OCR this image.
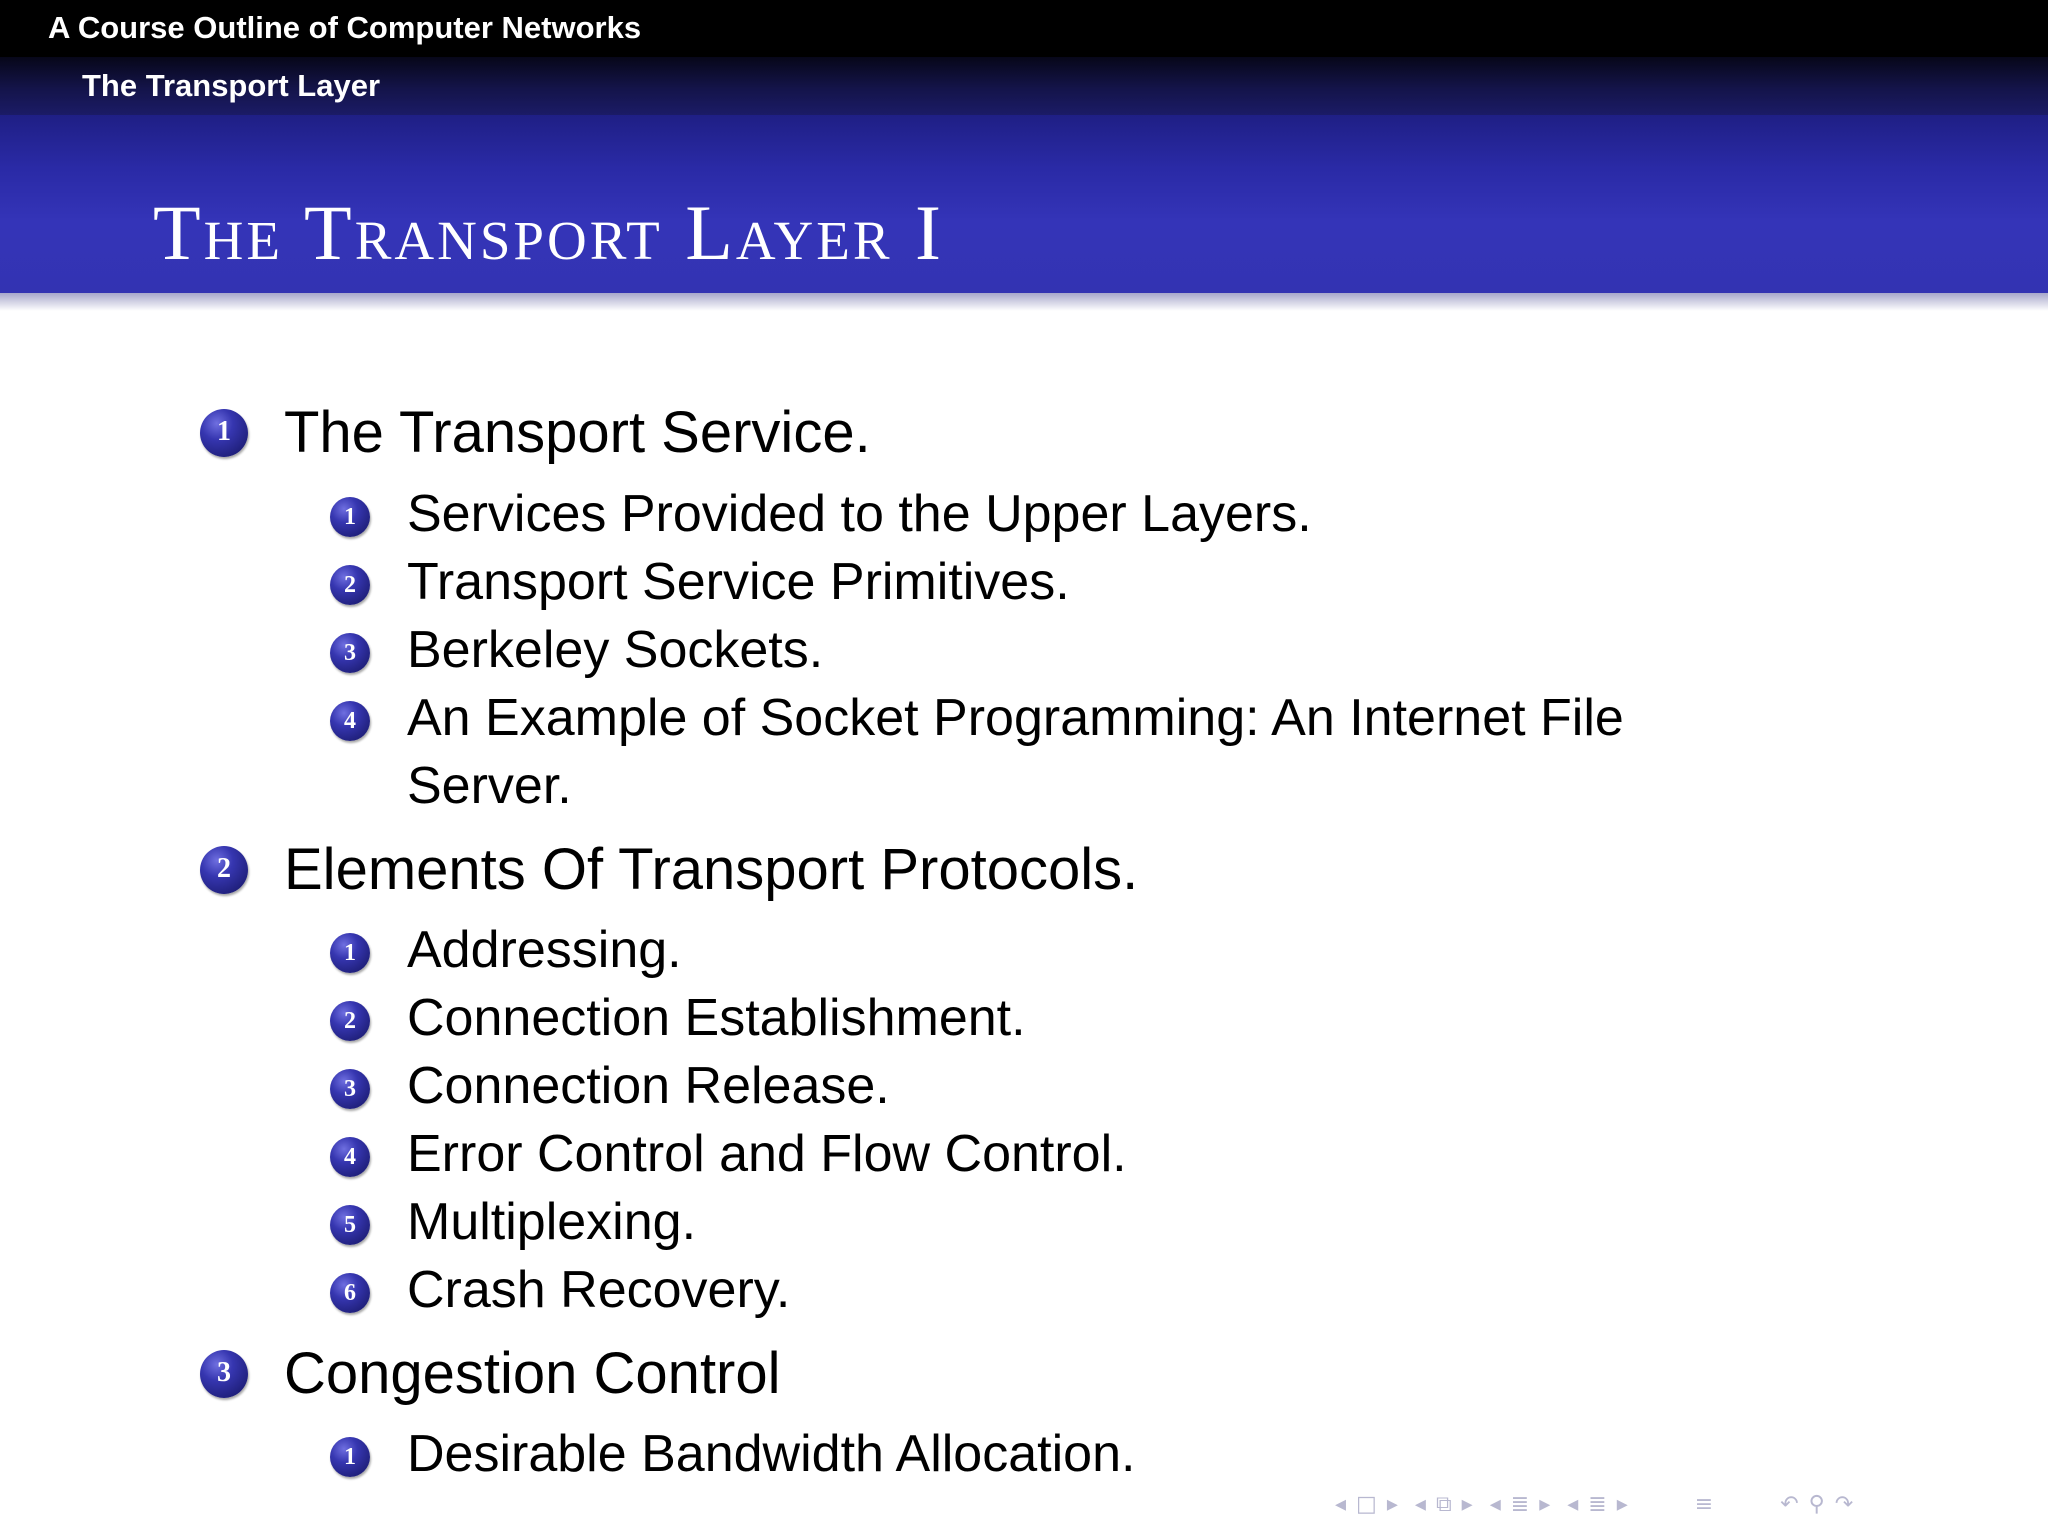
A Course Outline of Computer Networks
The Transport Layer
The Transport Layer I
1 The Transport Service.
1 Services Provided to the Upper Layers.
2 Transport Service Primitives.
3 Berkeley Sockets.
4 An Example of Socket Programming: An Internet File
Server.
2 Elements Of Transport Protocols.
1 Addressing.
2 Connection Establishment.
3 Connection Release.
4 Error Control and Flow Control.
5 Multiplexing.
6 Crash Recovery.
3 Congestion Control
1 Desirable Bandwidth Allocation.
◂ □ ▸ ◂ ⧉ ▸ ◂ ≣ ▸ ◂ ≣ ▸	≡	↶ ⚲ ↷
